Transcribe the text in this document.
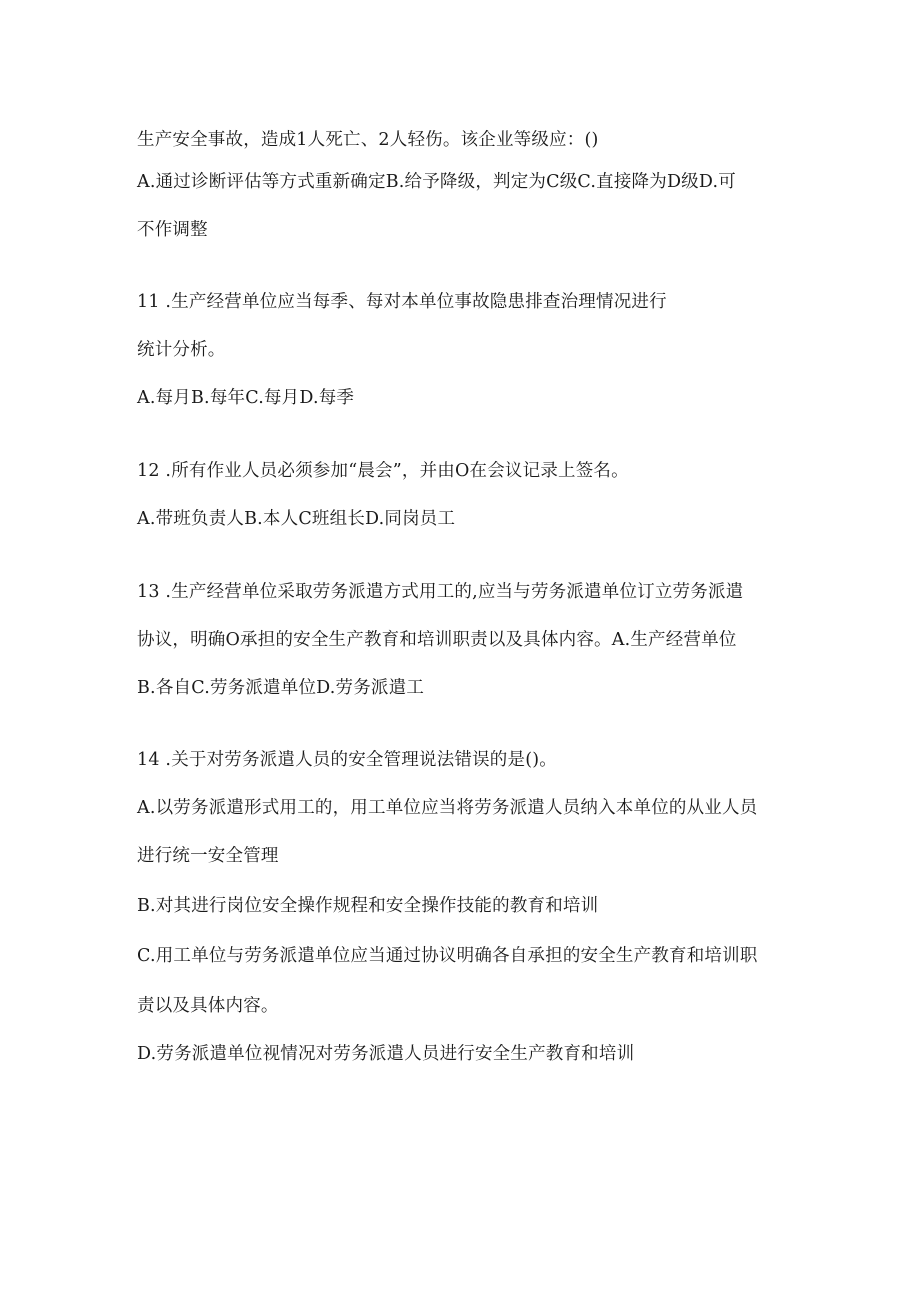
生产安全事故，造成1人死亡、2人轻伤。该企业等级应：()
A.通过诊断评估等方式重新确定B.给予降级，判定为C级C.直接降为D级D.可
不作调整
11 .生产经营单位应当每季、每对本单位事故隐患排查治理情况进行
统计分析。
A.每月B.每年C.每月D.每季
12 .所有作业人员必须参加“晨会”，并由O在会议记录上签名。
A.带班负责人B.本人C班组长D.同岗员工
13 .生产经营单位采取劳务派遣方式用工的,应当与劳务派遣单位订立劳务派遣
协议，明确O承担的安全生产教育和培训职责以及具体内容。A.生产经营单位
B.各自C.劳务派遣单位D.劳务派遣工
14 .关于对劳务派遣人员的安全管理说法错误的是()。
A.以劳务派遣形式用工的，用工单位应当将劳务派遣人员纳入本单位的从业人员
进行统一安全管理
B.对其进行岗位安全操作规程和安全操作技能的教育和培训
C.用工单位与劳务派遣单位应当通过协议明确各自承担的安全生产教育和培训职
责以及具体内容。
D.劳务派遣单位视情况对劳务派遣人员进行安全生产教育和培训
